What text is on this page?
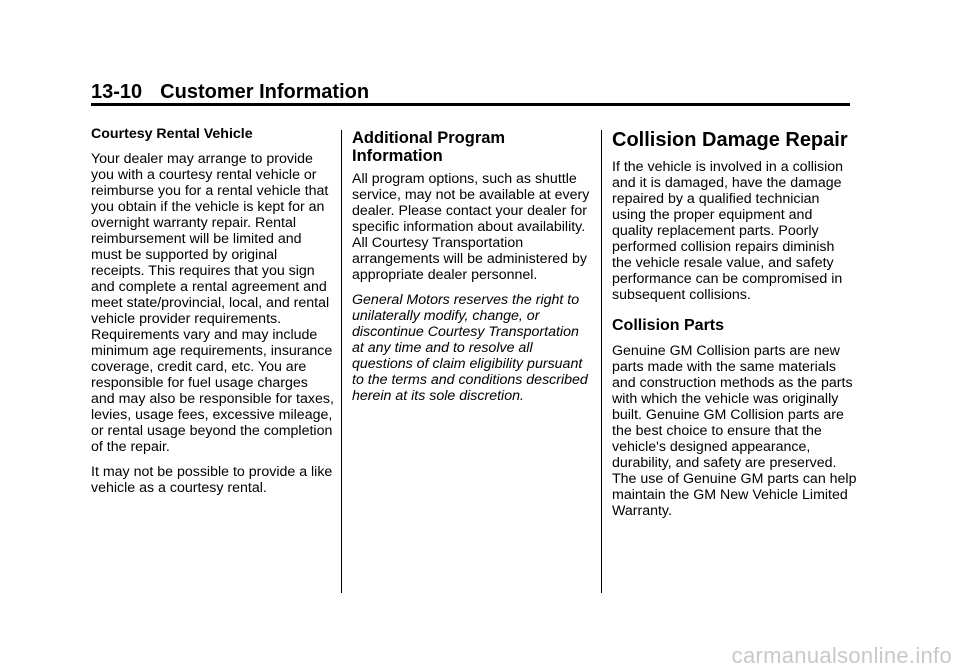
13-10 Customer Information
Courtesy Rental Vehicle

Your dealer may arrange to provide you with a courtesy rental vehicle or reimburse you for a rental vehicle that you obtain if the vehicle is kept for an overnight warranty repair. Rental reimbursement will be limited and must be supported by original receipts. This requires that you sign and complete a rental agreement and meet state/provincial, local, and rental vehicle provider requirements. Requirements vary and may include minimum age requirements, insurance coverage, credit card, etc. You are responsible for fuel usage charges and may also be responsible for taxes, levies, usage fees, excessive mileage, or rental usage beyond the completion of the repair.

It may not be possible to provide a like vehicle as a courtesy rental.

Additional Program Information

All program options, such as shuttle service, may not be available at every dealer. Please contact your dealer for specific information about availability. All Courtesy Transportation arrangements will be administered by appropriate dealer personnel.

General Motors reserves the right to unilaterally modify, change, or discontinue Courtesy Transportation at any time and to resolve all questions of claim eligibility pursuant to the terms and conditions described herein at its sole discretion.

Collision Damage Repair

If the vehicle is involved in a collision and it is damaged, have the damage repaired by a qualified technician using the proper equipment and quality replacement parts. Poorly performed collision repairs diminish the vehicle resale value, and safety performance can be compromised in subsequent collisions.

Collision Parts

Genuine GM Collision parts are new parts made with the same materials and construction methods as the parts with which the vehicle was originally built. Genuine GM Collision parts are the best choice to ensure that the vehicle's designed appearance, durability, and safety are preserved. The use of Genuine GM parts can help maintain the GM New Vehicle Limited Warranty.

carmanualsonline.info
